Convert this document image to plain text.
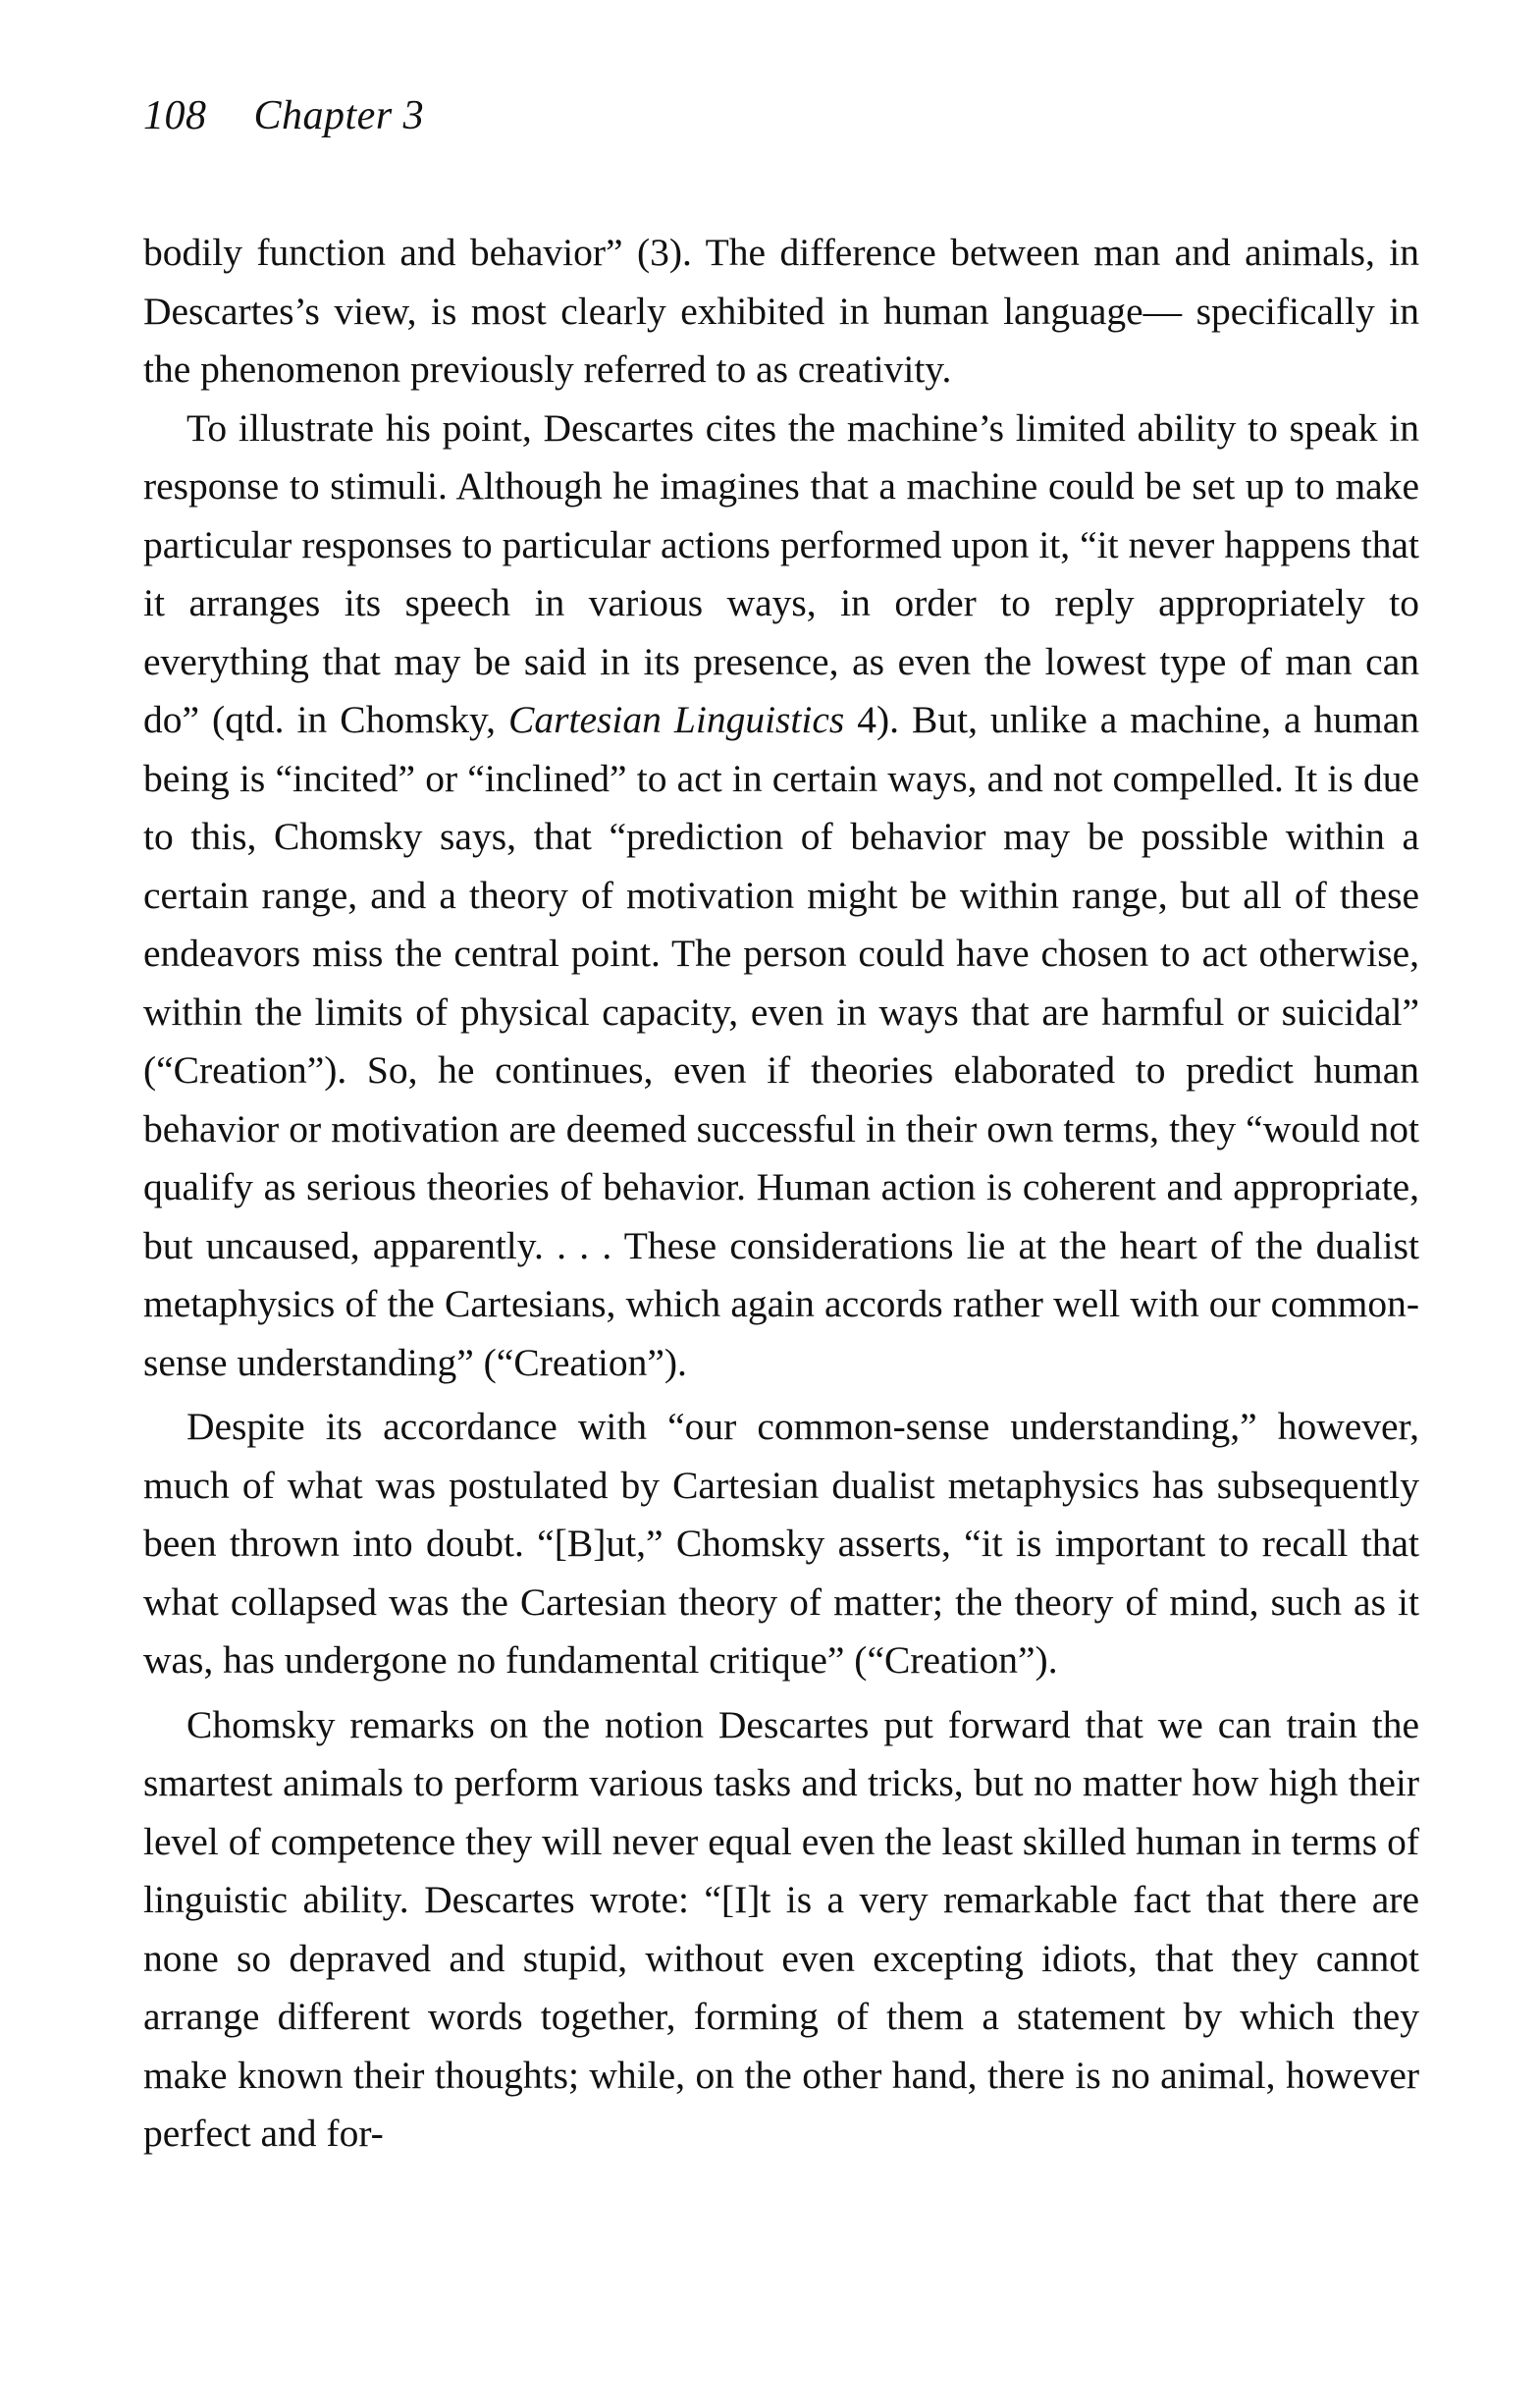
108 Chapter 3

bodily function and behavior” (3). The difference between man and animals, in Descartes’s view, is most clearly exhibited in human language— specifically in the phenomenon previously referred to as creativity.

To illustrate his point, Descartes cites the machine’s limited ability to speak in response to stimuli. Although he imagines that a machine could be set up to make particular responses to particular actions performed upon it, “it never happens that it arranges its speech in various ways, in order to reply appropriately to everything that may be said in its presence, as even the lowest type of man can do” (qtd. in Chomsky, Cartesian Linguistics 4). But, unlike a machine, a human being is “incited” or “inclined” to act in certain ways, and not compelled. It is due to this, Chomsky says, that “prediction of behavior may be possible within a certain range, and a theory of motivation might be within range, but all of these endeavors miss the central point. The person could have chosen to act otherwise, within the limits of physical capacity, even in ways that are harmful or suicidal” (“Creation”). So, he continues, even if theories elaborated to predict human behavior or motivation are deemed successful in their own terms, they “would not qualify as serious theories of behavior. Human action is coherent and appropriate, but uncaused, apparently. . . . These considerations lie at the heart of the dualist metaphysics of the Cartesians, which again accords rather well with our common-sense understanding” (“Creation”).

Despite its accordance with “our common-sense understanding,” however, much of what was postulated by Cartesian dualist metaphysics has subsequently been thrown into doubt. “[B]ut,” Chomsky asserts, “it is important to recall that what collapsed was the Cartesian theory of matter; the theory of mind, such as it was, has undergone no fundamental critique” (“Creation”).

Chomsky remarks on the notion Descartes put forward that we can train the smartest animals to perform various tasks and tricks, but no matter how high their level of competence they will never equal even the least skilled human in terms of linguistic ability. Descartes wrote: “[I]t is a very remarkable fact that there are none so depraved and stupid, without even excepting idiots, that they cannot arrange different words together, forming of them a statement by which they make known their thoughts; while, on the other hand, there is no animal, however perfect and for-
